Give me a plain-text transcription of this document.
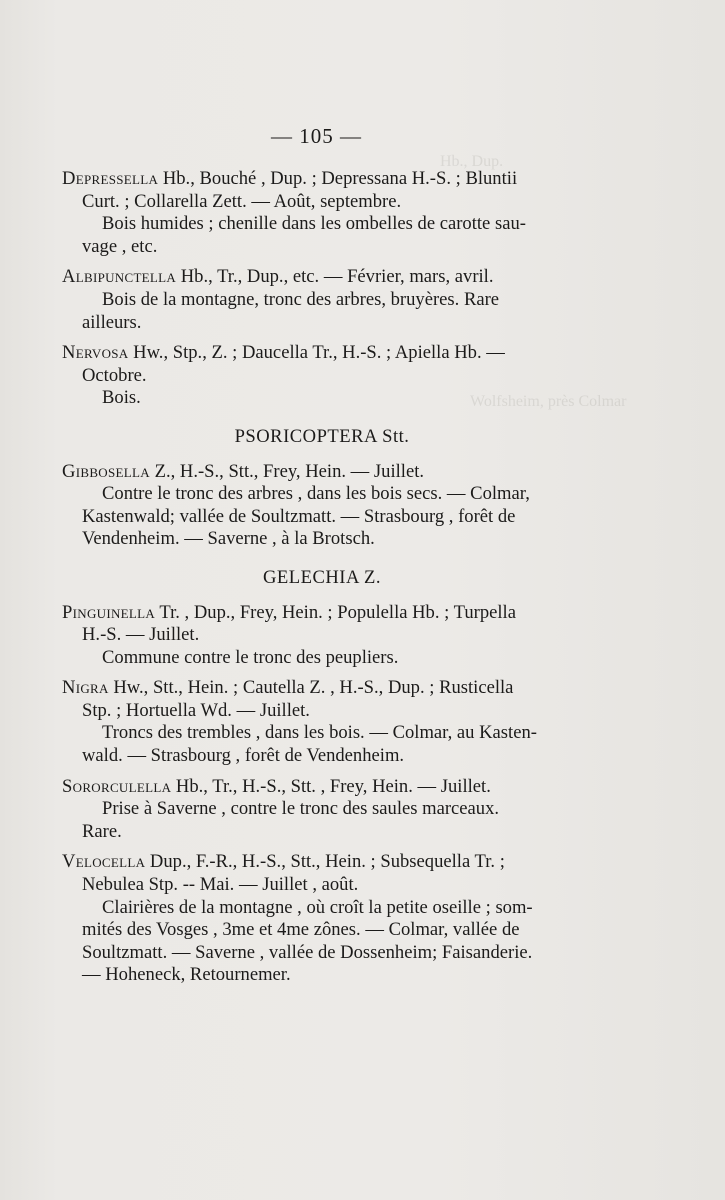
Hb., Dup.
Wolfsheim, près Colmar
— 105 —
Depressella Hb., Bouché , Dup. ; Depressana H.-S. ; Bluntii
Curt. ; Collarella Zett. — Août, septembre.
Bois humides ; chenille dans les ombelles de carotte sau-
vage , etc.
Albipunctella Hb., Tr., Dup., etc. — Février, mars, avril.
Bois de la montagne, tronc des arbres, bruyères. Rare
ailleurs.
Nervosa Hw., Stp., Z. ; Daucella Tr., H.-S. ; Apiella Hb. —
Octobre.
Bois.
PSORICOPTERA Stt.
Gibbosella Z., H.-S., Stt., Frey, Hein. — Juillet.
Contre le tronc des arbres , dans les bois secs. — Colmar,
Kastenwald; vallée de Soultzmatt. — Strasbourg , forêt de
Vendenheim. — Saverne , à la Brotsch.
GELECHIA Z.
Pinguinella Tr. , Dup., Frey, Hein. ; Populella Hb. ; Turpella
H.-S. — Juillet.
Commune contre le tronc des peupliers.
Nigra Hw., Stt., Hein. ; Cautella Z. , H.-S., Dup. ; Rusticella
Stp. ; Hortuella Wd. — Juillet.
Troncs des trembles , dans les bois. — Colmar, au Kasten-
wald. — Strasbourg , forêt de Vendenheim.
Sororculella Hb., Tr., H.-S., Stt. , Frey, Hein. — Juillet.
Prise à Saverne , contre le tronc des saules marceaux.
Rare.
Velocella Dup., F.-R., H.-S., Stt., Hein. ; Subsequella Tr. ;
Nebulea Stp. -- Mai. — Juillet , août.
Clairières de la montagne , où croît la petite oseille ; som-
mités des Vosges , 3me et 4me zônes. — Colmar, vallée de
Soultzmatt. — Saverne , vallée de Dossenheim; Faisanderie.
— Hoheneck, Retournemer.
